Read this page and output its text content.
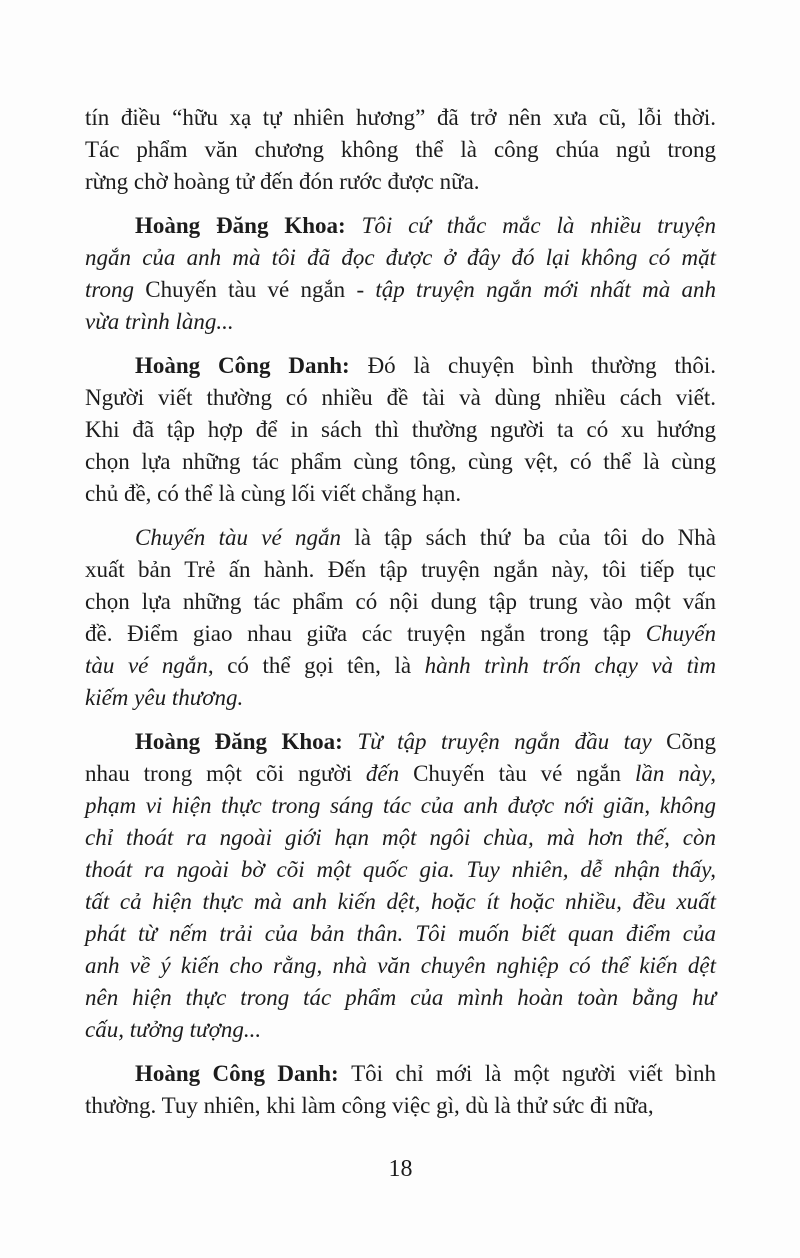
tín điều “hữu xạ tự nhiên hương” đã trở nên xưa cũ, lỗi thời.
Tác phẩm văn chương không thể là công chúa ngủ trong
rừng chờ hoàng tử đến đón rước được nữa.
Hoàng Đăng Khoa: Tôi cứ thắc mắc là nhiều truyện
ngắn của anh mà tôi đã đọc được ở đây đó lại không có mặt
trong Chuyến tàu vé ngắn - tập truyện ngắn mới nhất mà anh
vừa trình làng...
Hoàng Công Danh: Đó là chuyện bình thường thôi.
Người viết thường có nhiều đề tài và dùng nhiều cách viết.
Khi đã tập hợp để in sách thì thường người ta có xu hướng
chọn lựa những tác phẩm cùng tông, cùng vệt, có thể là cùng
chủ đề, có thể là cùng lối viết chẳng hạn.
Chuyến tàu vé ngắn là tập sách thứ ba của tôi do Nhà
xuất bản Trẻ ấn hành. Đến tập truyện ngắn này, tôi tiếp tục
chọn lựa những tác phẩm có nội dung tập trung vào một vấn
đề. Điểm giao nhau giữa các truyện ngắn trong tập Chuyến
tàu vé ngắn, có thể gọi tên, là hành trình trốn chạy và tìm
kiếm yêu thương.
Hoàng Đăng Khoa: Từ tập truyện ngắn đầu tay Cõng
nhau trong một cõi người đến Chuyến tàu vé ngắn lần này,
phạm vi hiện thực trong sáng tác của anh được nới giãn, không
chỉ thoát ra ngoài giới hạn một ngôi chùa, mà hơn thế, còn
thoát ra ngoài bờ cõi một quốc gia. Tuy nhiên, dễ nhận thấy,
tất cả hiện thực mà anh kiến dệt, hoặc ít hoặc nhiều, đều xuất
phát từ nếm trải của bản thân. Tôi muốn biết quan điểm của
anh về ý kiến cho rằng, nhà văn chuyên nghiệp có thể kiến dệt
nên hiện thực trong tác phẩm của mình hoàn toàn bằng hư
cấu, tưởng tượng...
Hoàng Công Danh: Tôi chỉ mới là một người viết bình
thường. Tuy nhiên, khi làm công việc gì, dù là thử sức đi nữa,
18
